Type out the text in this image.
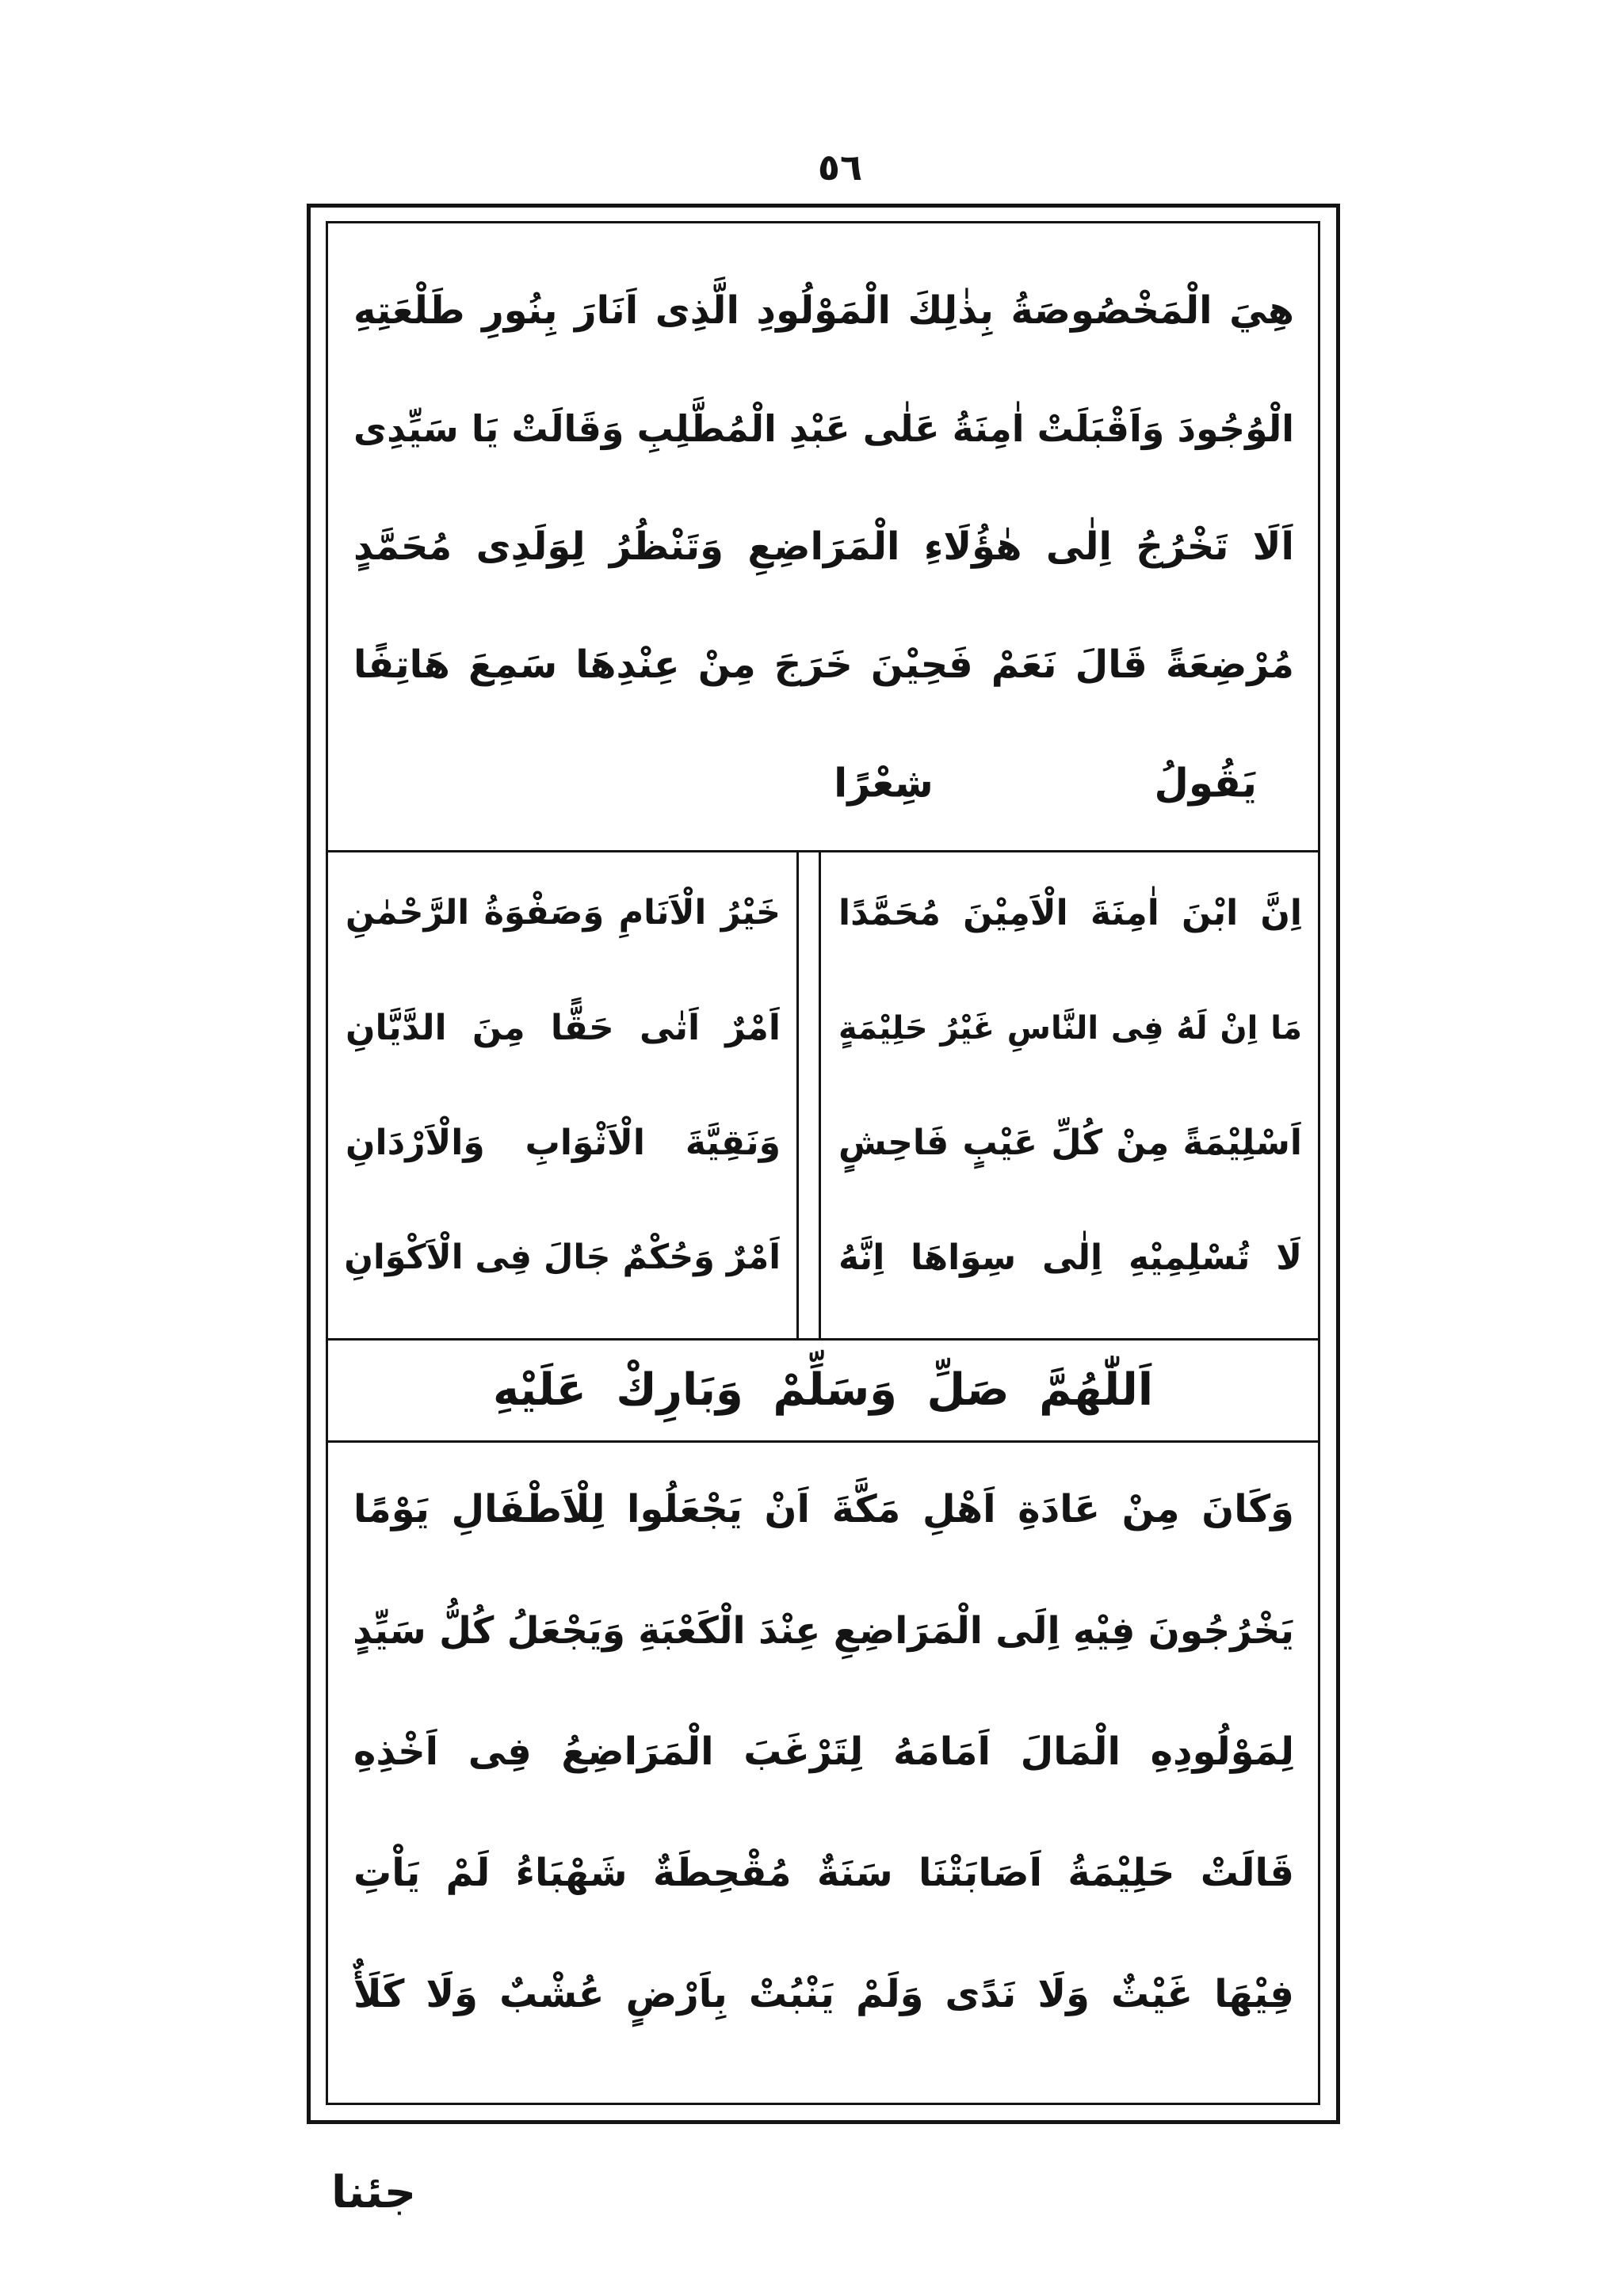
٥٦
هِيَ الْمَخْصُوصَةُ بِذٰلِكَ الْمَوْلُودِ الَّذِى اَنَارَ بِنُورِ طَلْعَتِهِ
الْوُجُودَ وَاَقْبَلَتْ اٰمِنَةُ عَلٰى عَبْدِ الْمُطَّلِبِ وَقَالَتْ يَا سَيِّدِى
اَلَا تَخْرُجُ اِلٰى هٰؤُلَاءِ الْمَرَاضِعِ وَتَنْظُرُ لِوَلَدِى مُحَمَّدٍ
مُرْضِعَةً قَالَ نَعَمْ فَحِيْنَ خَرَجَ مِنْ عِنْدِهَا سَمِعَ هَاتِفًا
يَقُولُ
شِعْرًا
اِنَّ ابْنَ اٰمِنَةَ الْاَمِيْنَ مُحَمَّدًا
خَيْرُ الْاَنَامِ وَصَفْوَةُ الرَّحْمٰنِ
مَا اِنْ لَهُ فِى النَّاسِ غَيْرُ حَلِيْمَةٍ
اَمْرٌ اَتٰى حَقًّا مِنَ الدَّيَّانِ
اَسْلِيْمَةً مِنْ كُلِّ عَيْبٍ فَاحِشٍ
وَنَقِيَّةَ الْاَثْوَابِ وَالْاَرْدَانِ
لَا تُسْلِمِيْهِ اِلٰى سِوَاهَا اِنَّهُ
اَمْرٌ وَحُكْمٌ جَالَ فِى الْاَكْوَانِ
اَللّٰهُمَّ صَلِّ وَسَلِّمْ وَبَارِكْ عَلَيْهِ
وَكَانَ مِنْ عَادَةِ اَهْلِ مَكَّةَ اَنْ يَجْعَلُوا لِلْاَطْفَالِ يَوْمًا
يَخْرُجُونَ فِيْهِ اِلَى الْمَرَاضِعِ عِنْدَ الْكَعْبَةِ وَيَجْعَلُ كُلُّ سَيِّدٍ
لِمَوْلُودِهِ الْمَالَ اَمَامَهُ لِتَرْغَبَ الْمَرَاضِعُ فِى اَخْذِهِ
قَالَتْ حَلِيْمَةُ اَصَابَتْنَا سَنَةٌ مُقْحِطَةٌ شَهْبَاءُ لَمْ يَاْتِ
فِيْهَا غَيْثٌ وَلَا نَدًى وَلَمْ يَنْبُتْ بِاَرْضٍ عُشْبٌ وَلَا كَلَأٌ
جئنا
